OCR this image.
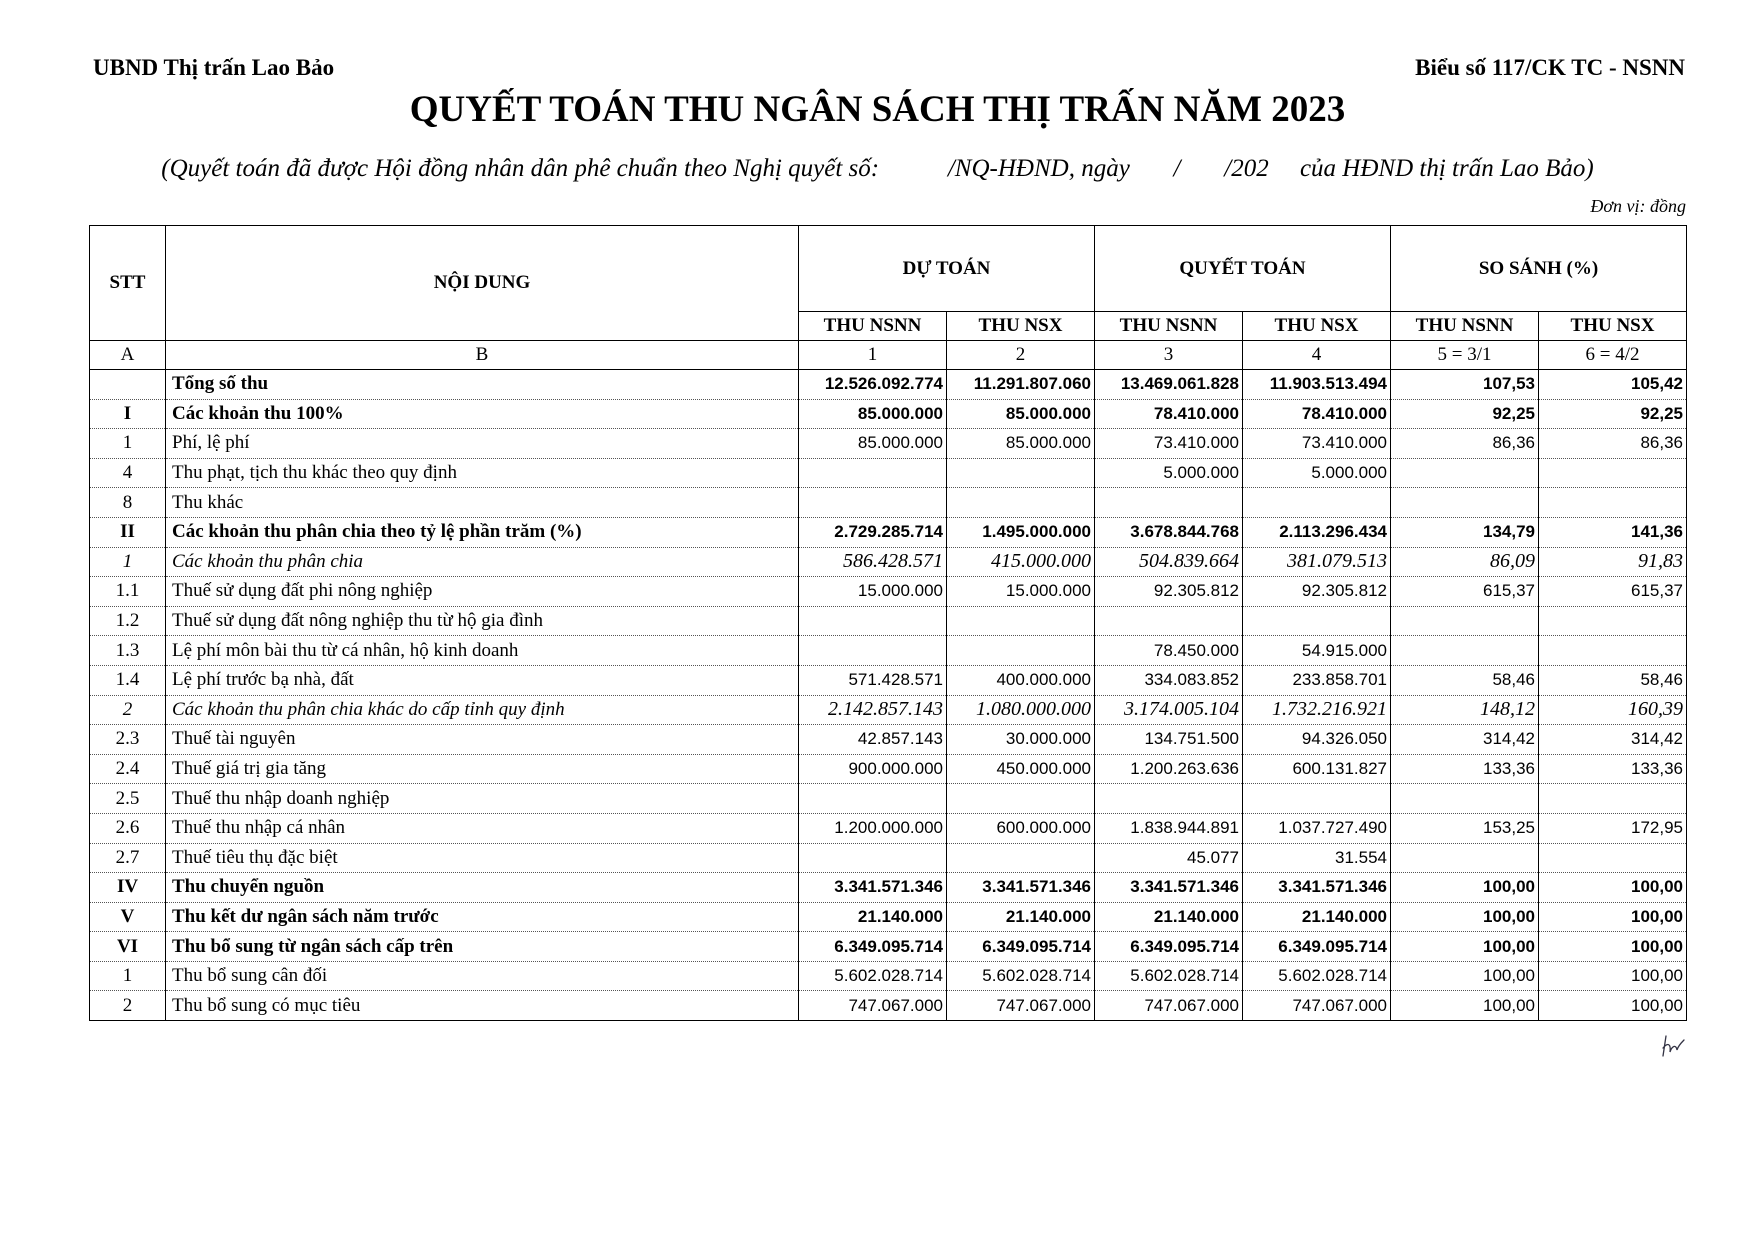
UBND Thị trấn Lao Bảo	Biểu số 117/CK TC - NSNN
QUYẾT TOÁN THU NGÂN SÁCH THỊ TRẤN NĂM 2023
(Quyết toán đã được Hội đồng nhân dân phê chuẩn theo Nghị quyết số:           /NQ-HĐND, ngày       /       /202     của HĐND thị trấn Lao Bảo)
Đơn vị: đồng
STT	NỘI DUNG	DỰ TOÁN		QUYẾT TOÁN		SO SÁNH (%)	
		THU NSNN	THU NSX	THU NSNN	THU NSX	THU NSNN	THU NSX
A	B	1	2	3	4	5 = 3/1	6 = 4/2
	Tổng số thu	12.526.092.774	11.291.807.060	13.469.061.828	11.903.513.494	107,53	105,42
I	Các khoản thu 100%	85.000.000	85.000.000	78.410.000	78.410.000	92,25	92,25
1	Phí, lệ phí	85.000.000	85.000.000	73.410.000	73.410.000	86,36	86,36
4	Thu phạt, tịch thu khác theo quy định			5.000.000	5.000.000		
8	Thu khác						
II	Các khoản thu phân chia theo tỷ lệ phần trăm (%)	2.729.285.714	1.495.000.000	3.678.844.768	2.113.296.434	134,79	141,36
1	Các khoản thu phân chia	586.428.571	415.000.000	504.839.664	381.079.513	86,09	91,83
1.1	Thuế sử dụng đất phi nông nghiệp	15.000.000	15.000.000	92.305.812	92.305.812	615,37	615,37
1.2	Thuế sử dụng đất nông nghiệp thu từ hộ gia đình						
1.3	Lệ phí môn bài thu từ cá nhân, hộ kinh doanh			78.450.000	54.915.000		
1.4	Lệ phí trước bạ nhà, đất	571.428.571	400.000.000	334.083.852	233.858.701	58,46	58,46
2	Các khoản thu phân chia khác do cấp tỉnh quy định	2.142.857.143	1.080.000.000	3.174.005.104	1.732.216.921	148,12	160,39
2.3	Thuế tài nguyên	42.857.143	30.000.000	134.751.500	94.326.050	314,42	314,42
2.4	Thuế giá trị gia tăng	900.000.000	450.000.000	1.200.263.636	600.131.827	133,36	133,36
2.5	Thuế thu nhập doanh nghiệp						
2.6	Thuế thu nhập cá nhân	1.200.000.000	600.000.000	1.838.944.891	1.037.727.490	153,25	172,95
2.7	Thuế tiêu thụ đặc biệt			45.077	31.554		
IV	Thu chuyển nguồn	3.341.571.346	3.341.571.346	3.341.571.346	3.341.571.346	100,00	100,00
V	Thu kết dư ngân sách năm trước	21.140.000	21.140.000	21.140.000	21.140.000	100,00	100,00
VI	Thu bổ sung từ ngân sách cấp trên	6.349.095.714	6.349.095.714	6.349.095.714	6.349.095.714	100,00	100,00
1	Thu bổ sung cân đối	5.602.028.714	5.602.028.714	5.602.028.714	5.602.028.714	100,00	100,00
2	Thu bổ sung có mục tiêu	747.067.000	747.067.000	747.067.000	747.067.000	100,00	100,00
